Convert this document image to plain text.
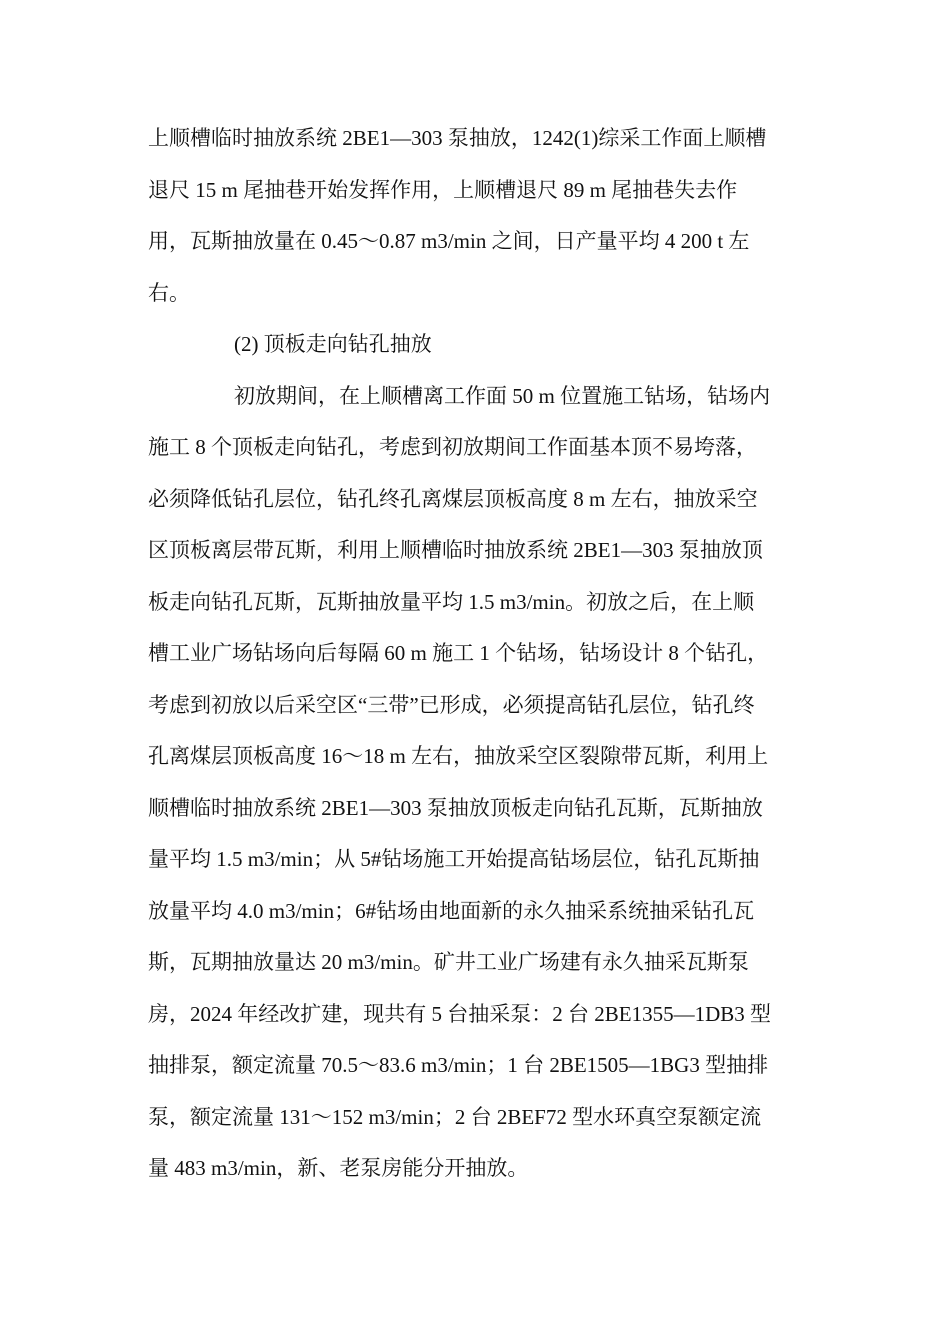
上顺槽临时抽放系统 2BE1—303 泵抽放，1242(1)综采工作面上顺槽
退尺 15 m 尾抽巷开始发挥作用，上顺槽退尺 89 m 尾抽巷失去作
用，瓦斯抽放量在 0.45～0.87 m3/min 之间，日产量平均 4 200 t 左
右。
(2) 顶板走向钻孔抽放
初放期间，在上顺槽离工作面 50 m 位置施工钻场，钻场内
施工 8 个顶板走向钻孔，考虑到初放期间工作面基本顶不易垮落，
必须降低钻孔层位，钻孔终孔离煤层顶板高度 8 m 左右，抽放采空
区顶板离层带瓦斯，利用上顺槽临时抽放系统 2BE1—303 泵抽放顶
板走向钻孔瓦斯，瓦斯抽放量平均 1.5 m3/min。初放之后，在上顺
槽工业广场钻场向后每隔 60 m 施工 1 个钻场，钻场设计 8 个钻孔，
考虑到初放以后采空区“三带”已形成，必须提高钻孔层位，钻孔终
孔离煤层顶板高度 16～18 m 左右，抽放采空区裂隙带瓦斯，利用上
顺槽临时抽放系统 2BE1—303 泵抽放顶板走向钻孔瓦斯，瓦斯抽放
量平均 1.5 m3/min；从 5#钻场施工开始提高钻场层位，钻孔瓦斯抽
放量平均 4.0 m3/min；6#钻场由地面新的永久抽采系统抽采钻孔瓦
斯，瓦期抽放量达 20 m3/min。矿井工业广场建有永久抽采瓦斯泵
房，2024 年经改扩建，现共有 5 台抽采泵：2 台 2BE1355—1DB3 型
抽排泵，额定流量 70.5～83.6 m3/min；1 台 2BE1505—1BG3 型抽排
泵，额定流量 131～152 m3/min；2 台 2BEF72 型水环真空泵额定流
量 483 m3/min，新、老泵房能分开抽放。
